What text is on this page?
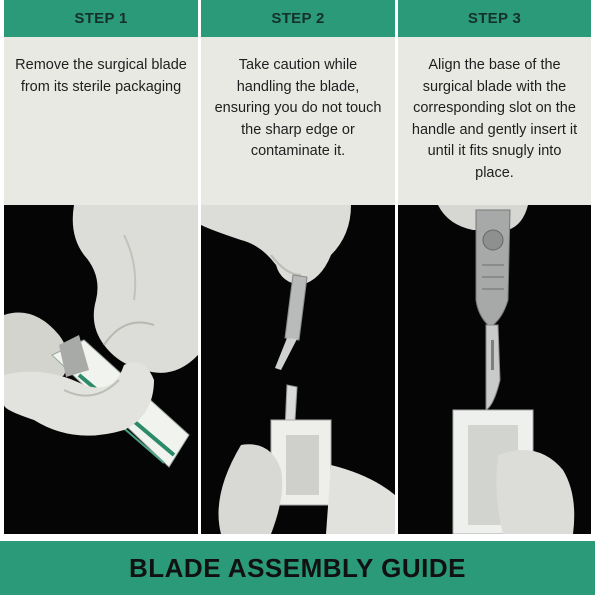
STEP 1
Remove the surgical blade from its sterile packaging
STEP 2
Take caution while handling the blade, ensuring you do not touch the sharp edge or contaminate it.
STEP 3
Align the base of the surgical blade with the corresponding slot on the handle and gently insert it until it fits snugly into place.
BLADE ASSEMBLY GUIDE
